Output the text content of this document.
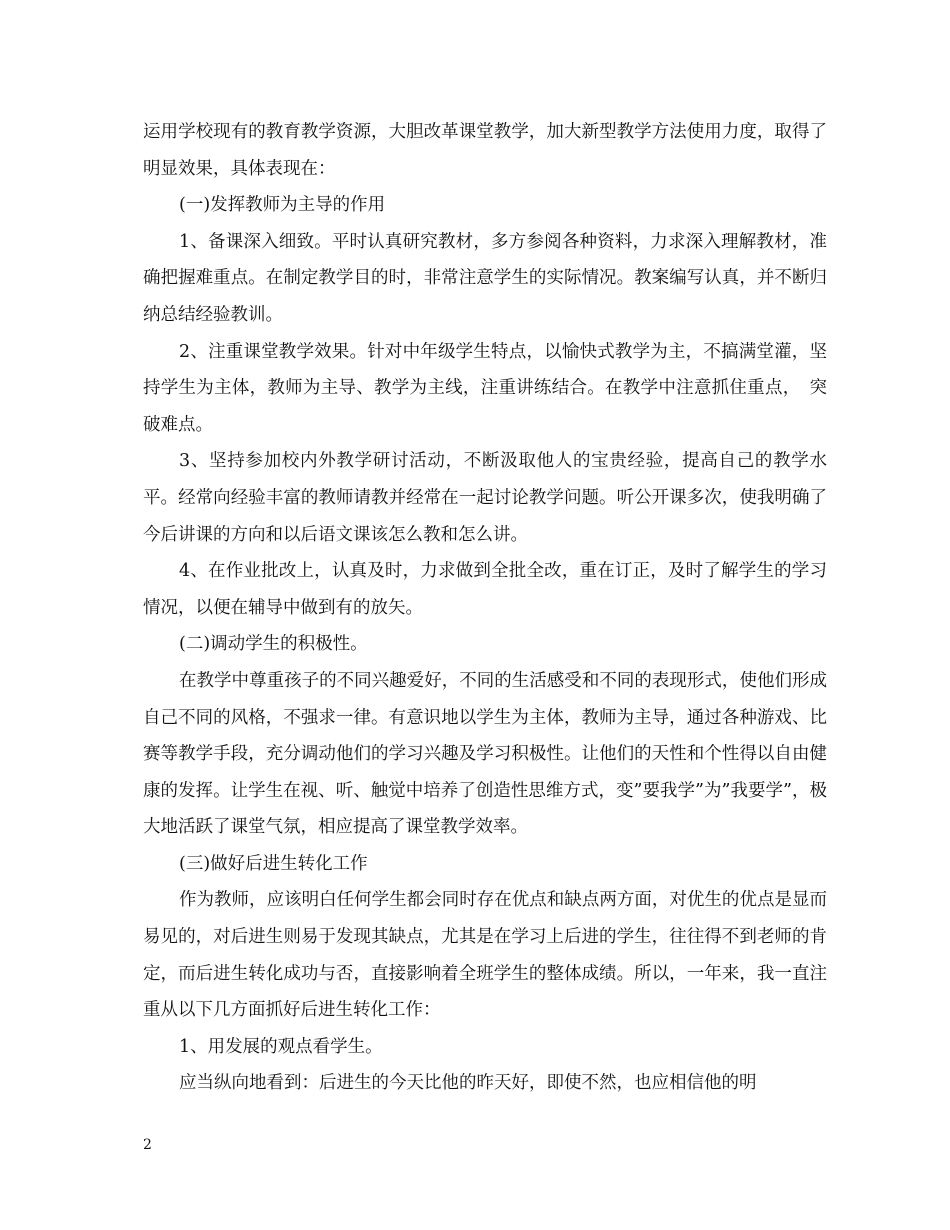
运用学校现有的教育教学资源，大胆改革课堂教学，加大新型教学方法使用力度，取得了明显效果，具体表现在：

(一)发挥教师为主导的作用

1、备课深入细致。平时认真研究教材，多方参阅各种资料，力求深入理解教材，准确把握难重点。在制定教学目的时，非常注意学生的实际情况。教案编写认真，并不断归纳总结经验教训。

2、注重课堂教学效果。针对中年级学生特点，以愉快式教学为主，不搞满堂灌，坚持学生为主体，教师为主导、教学为主线，注重讲练结合。在教学中注意抓住重点，　突破难点。

3、坚持参加校内外教学研讨活动，不断汲取他人的宝贵经验，提高自己的教学水平。经常向经验丰富的教师请教并经常在一起讨论教学问题。听公开课多次，使我明确了今后讲课的方向和以后语文课该怎么教和怎么讲。

4、在作业批改上，认真及时，力求做到全批全改，重在订正，及时了解学生的学习情况，以便在辅导中做到有的放矢。

(二)调动学生的积极性。

在教学中尊重孩子的不同兴趣爱好，不同的生活感受和不同的表现形式，使他们形成自己不同的风格，不强求一律。有意识地以学生为主体，教师为主导，通过各种游戏、比赛等教学手段，充分调动他们的学习兴趣及学习积极性。让他们的天性和个性得以自由健康的发挥。让学生在视、听、触觉中培养了创造性思维方式，变”要我学”为”我要学”，极大地活跃了课堂气氛，相应提高了课堂教学效率。

(三)做好后进生转化工作

作为教师，应该明白任何学生都会同时存在优点和缺点两方面，对优生的优点是显而易见的，对后进生则易于发现其缺点，尤其是在学习上后进的学生，往往得不到老师的肯定，而后进生转化成功与否，直接影响着全班学生的整体成绩。所以，一年来，我一直注重从以下几方面抓好后进生转化工作：

1、用发展的观点看学生。

应当纵向地看到：后进生的今天比他的昨天好，即使不然，也应相信他的明

2
